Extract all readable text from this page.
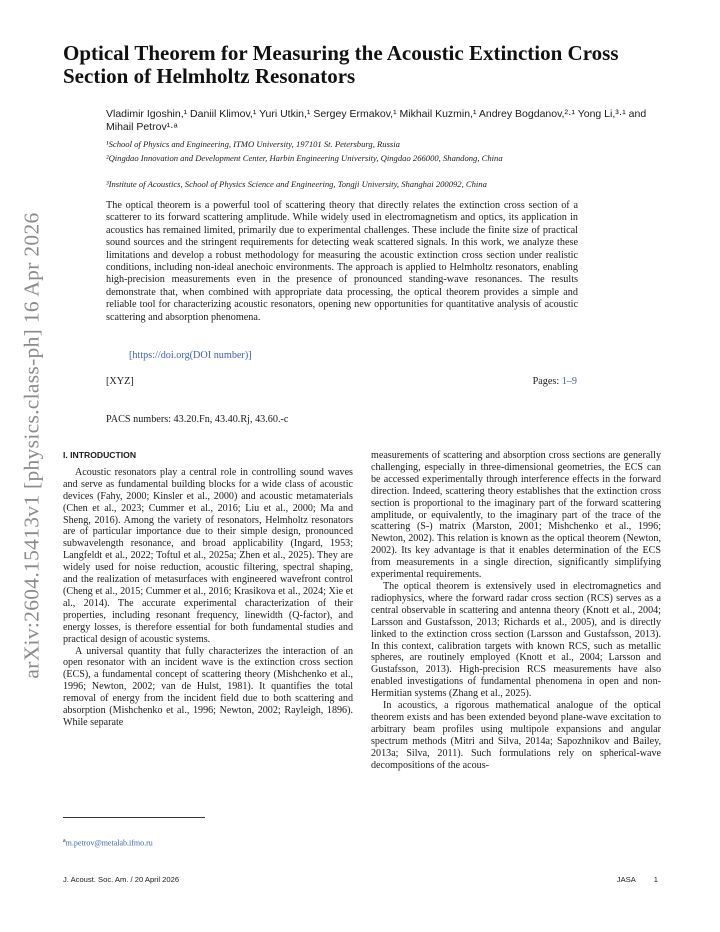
arXiv:2604.15413v1 [physics.class-ph] 16 Apr 2026
Optical Theorem for Measuring the Acoustic Extinction Cross Section of Helmholtz Resonators
Vladimir Igoshin,¹ Daniil Klimov,¹ Yuri Utkin,¹ Sergey Ermakov,¹ Mikhail Kuzmin,¹ Andrey Bogdanov,²·¹ Yong Li,³·¹ and Mihail Petrov¹·ᵃ
¹School of Physics and Engineering, ITMO University, 197101 St. Petersburg, Russia
²Qingdao Innovation and Development Center, Harbin Engineering University, Qingdao 266000, Shandong, China
³Institute of Acoustics, School of Physics Science and Engineering, Tongji University, Shanghai 200092, China
The optical theorem is a powerful tool of scattering theory that directly relates the extinction cross section of a scatterer to its forward scattering amplitude. While widely used in electromagnetism and optics, its application in acoustics has remained limited, primarily due to experimental challenges. These include the finite size of practical sound sources and the stringent requirements for detecting weak scattered signals. In this work, we analyze these limitations and develop a robust methodology for measuring the acoustic extinction cross section under realistic conditions, including non-ideal anechoic environments. The approach is applied to Helmholtz resonators, enabling high-precision measurements even in the presence of pronounced standing-wave resonances. The results demonstrate that, when combined with appropriate data processing, the optical theorem provides a simple and reliable tool for characterizing acoustic resonators, opening new opportunities for quantitative analysis of acoustic scattering and absorption phenomena.
[https://doi.org(DOI number)]
[XYZ]	Pages: 1–9
PACS numbers: 43.20.Fn, 43.40.Rj, 43.60.-c
I. INTRODUCTION

Acoustic resonators play a central role in controlling sound waves and serve as fundamental building blocks for a wide class of acoustic devices (Fahy, 2000; Kinsler et al., 2000) and acoustic metamaterials (Chen et al., 2023; Cummer et al., 2016; Liu et al., 2000; Ma and Sheng, 2016). Among the variety of resonators, Helmholtz resonators are of particular importance due to their simple design, pronounced subwavelength resonance, and broad applicability (Ingard, 1953; Langfeldt et al., 2022; Toftul et al., 2025a; Zhen et al., 2025). They are widely used for noise reduction, acoustic filtering, spectral shaping, and the realization of metasurfaces with engineered wavefront control (Cheng et al., 2015; Cummer et al., 2016; Krasikova et al., 2024; Xie et al., 2014). The accurate experimental characterization of their properties, including resonant frequency, linewidth (Q-factor), and energy losses, is therefore essential for both fundamental studies and practical design of acoustic systems.

A universal quantity that fully characterizes the interaction of an open resonator with an incident wave is the extinction cross section (ECS), a fundamental concept of scattering theory (Mishchenko et al., 1996; Newton, 2002; van de Hulst, 1981). It quantifies the total removal of energy from the incident field due to both scattering and absorption (Mishchenko et al., 1996; Newton, 2002; Rayleigh, 1896). While separate

measurements of scattering and absorption cross sections are generally challenging, especially in three-dimensional geometries, the ECS can be accessed experimentally through interference effects in the forward direction. Indeed, scattering theory establishes that the extinction cross section is proportional to the imaginary part of the forward scattering amplitude, or equivalently, to the imaginary part of the trace of the scattering (S-) matrix (Marston, 2001; Mishchenko et al., 1996; Newton, 2002). This relation is known as the optical theorem (Newton, 2002). Its key advantage is that it enables determination of the ECS from measurements in a single direction, significantly simplifying experimental requirements.

The optical theorem is extensively used in electromagnetics and radiophysics, where the forward radar cross section (RCS) serves as a central observable in scattering and antenna theory (Knott et al., 2004; Larsson and Gustafsson, 2013; Richards et al., 2005), and is directly linked to the extinction cross section (Larsson and Gustafsson, 2013). In this context, calibration targets with known RCS, such as metallic spheres, are routinely employed (Knott et al., 2004; Larsson and Gustafsson, 2013). High-precision RCS measurements have also enabled investigations of fundamental phenomena in open and non-Hermitian systems (Zhang et al., 2025).

In acoustics, a rigorous mathematical analogue of the optical theorem exists and has been extended beyond plane-wave excitation to arbitrary beam profiles using multipole expansions and angular spectrum methods (Mitri and Silva, 2014a; Sapozhnikov and Bailey, 2013a; Silva, 2011). Such formulations rely on spherical-wave decompositions of the acous-

$^a$m.petrov@metalab.ifmo.ru
J. Acoust. Soc. Am. / 20 April 2026	JASA 1
